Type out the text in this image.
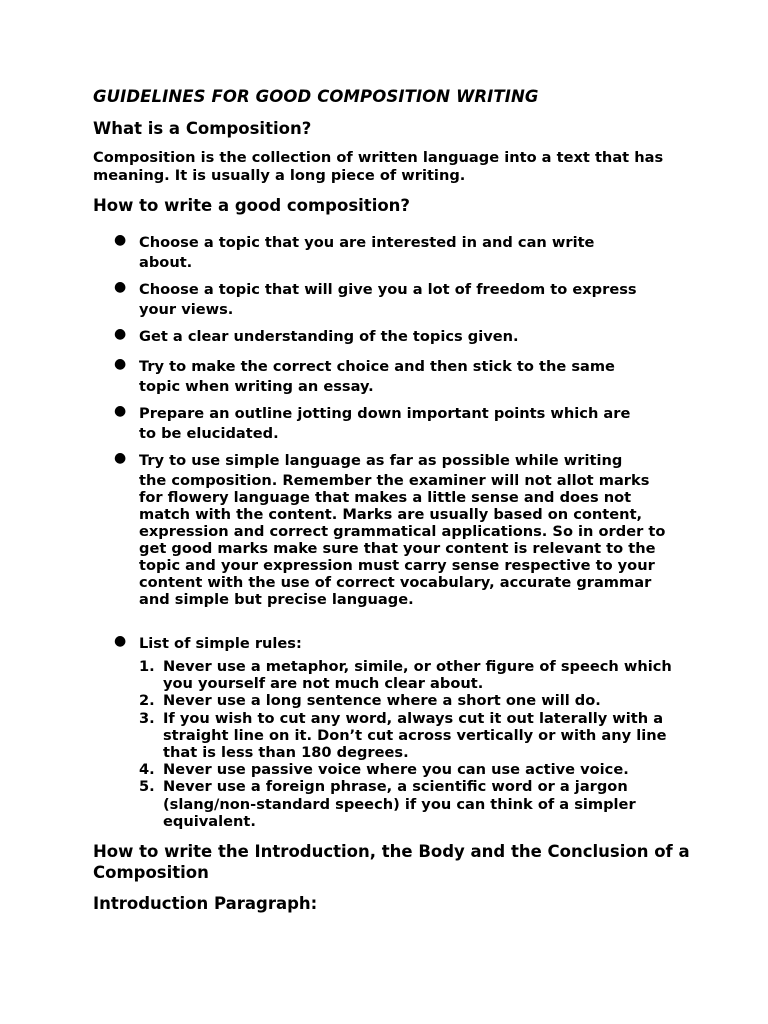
GUIDELINES FOR GOOD COMPOSITION WRITING
What is a Composition?
Composition is the collection of written language into a text that has meaning. It is usually a long piece of writing.
How to write a good composition?
● Choose a topic that you are interested in and can write
about.
● Choose a topic that will give you a lot of freedom to express
your views.
● Get a clear understanding of the topics given.
● Try to make the correct choice and then stick to the same
topic when writing an essay.
● Prepare an outline jotting down important points which are
to be elucidated.
● Try to use simple language as far as possible while writing
the composition. Remember the examiner will not allot marks for flowery language that makes a little sense and does not match with the content. Marks are usually based on content, expression and correct grammatical applications. So in order to get good marks make sure that your content is relevant to the topic and your expression must carry sense respective to your content with the use of correct vocabulary, accurate grammar and simple but precise language.
● List of simple rules:
1. Never use a metaphor, simile, or other figure of speech which you yourself are not much clear about.
2. Never use a long sentence where a short one will do.
3. If you wish to cut any word, always cut it out laterally with a straight line on it. Don’t cut across vertically or with any line that is less than 180 degrees.
4. Never use passive voice where you can use active voice.
5. Never use a foreign phrase, a scientific word or a jargon (slang/non-standard speech) if you can think of a simpler equivalent.
How to write the Introduction, the Body and the Conclusion of a Composition
Introduction Paragraph:
